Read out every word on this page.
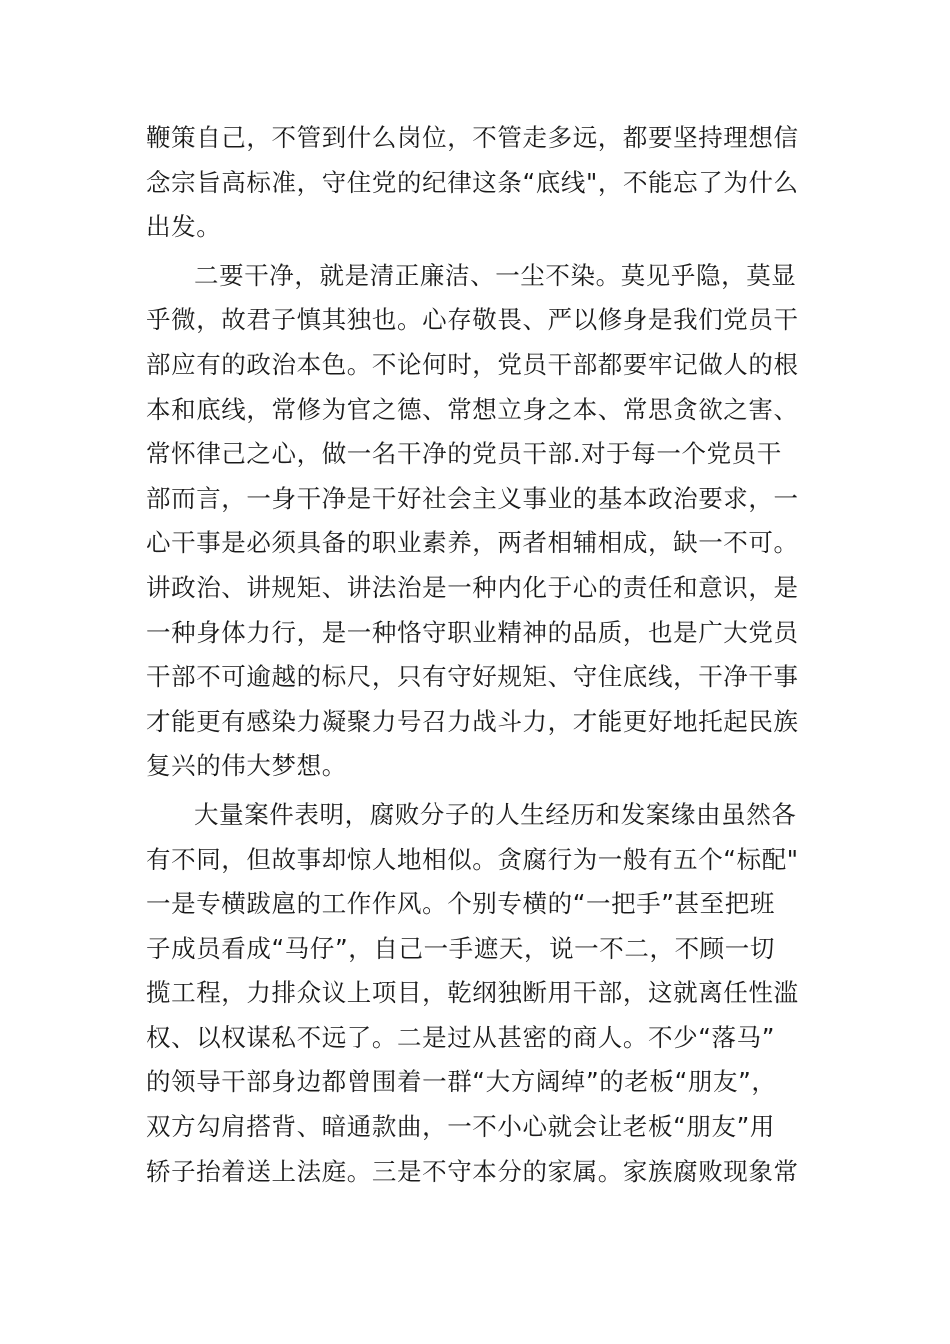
鞭策自己，不管到什么岗位，不管走多远，都要坚持理想信
念宗旨高标准，守住党的纪律这条“底线"，不能忘了为什么
出发。
二要干净，就是清正廉洁、一尘不染。莫见乎隐，莫显
乎微，故君子慎其独也。心存敬畏、严以修身是我们党员干
部应有的政治本色。不论何时，党员干部都要牢记做人的根
本和底线，常修为官之德、常想立身之本、常思贪欲之害、
常怀律己之心，做一名干净的党员干部.对于每一个党员干
部而言，一身干净是干好社会主义事业的基本政治要求，一
心干事是必须具备的职业素养，两者相辅相成，缺一不可。
讲政治、讲规矩、讲法治是一种内化于心的责任和意识，是
一种身体力行，是一种恪守职业精神的品质，也是广大党员
干部不可逾越的标尺，只有守好规矩、守住底线，干净干事
才能更有感染力凝聚力号召力战斗力，才能更好地托起民族
复兴的伟大梦想。
大量案件表明，腐败分子的人生经历和发案缘由虽然各
有不同，但故事却惊人地相似。贪腐行为一般有五个“标配"
一是专横跋扈的工作作风。个别专横的“一把手”甚至把班
子成员看成“马仔”，自己一手遮天，说一不二，不顾一切
揽工程，力排众议上项目，乾纲独断用干部，这就离任性滥
权、以权谋私不远了。二是过从甚密的商人。不少“落马”
的领导干部身边都曾围着一群“大方阔绰”的老板“朋友”，
双方勾肩搭背、暗通款曲，一不小心就会让老板“朋友”用
轿子抬着送上法庭。三是不守本分的家属。家族腐败现象常
